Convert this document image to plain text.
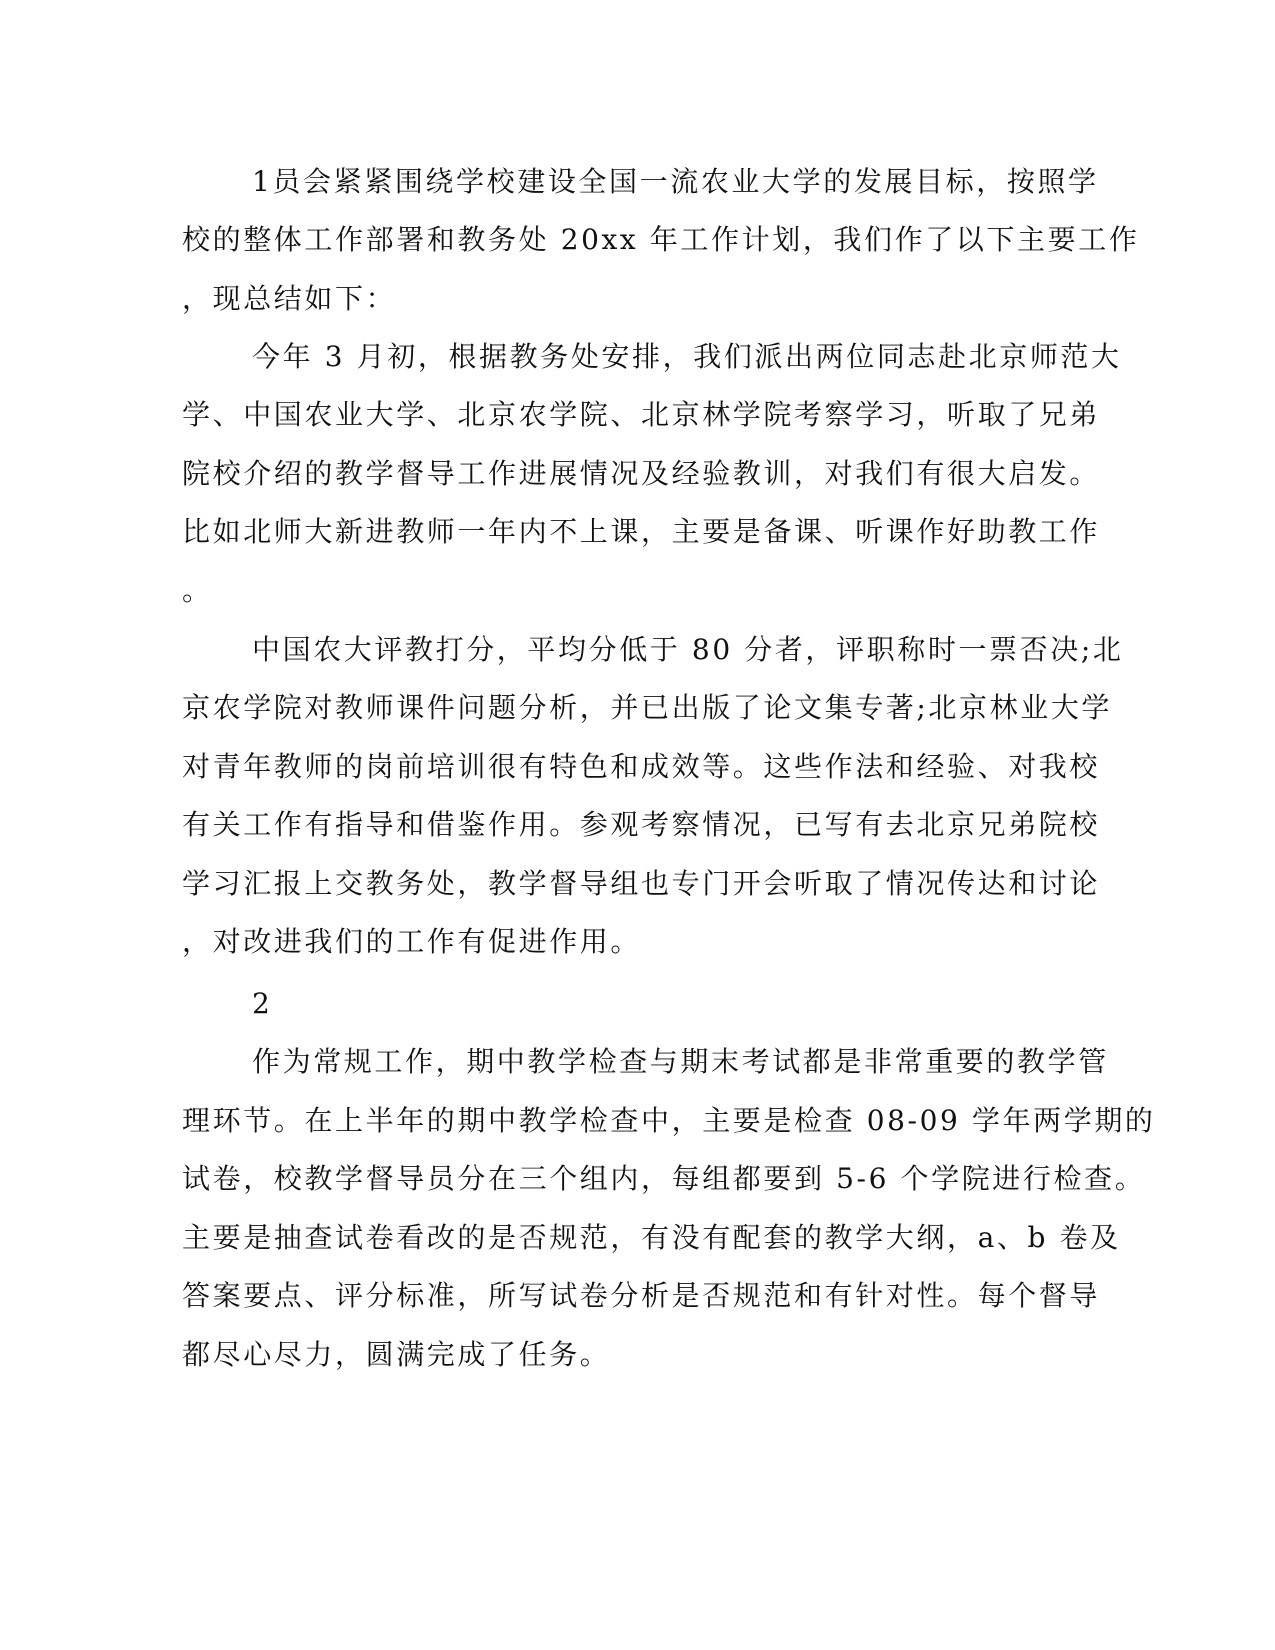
1员会紧紧围绕学校建设全国一流农业大学的发展目标，按照学
校的整体工作部署和教务处 20xx 年工作计划，我们作了以下主要工作
，现总结如下：
今年 3 月初，根据教务处安排，我们派出两位同志赴北京师范大
学、中国农业大学、北京农学院、北京林学院考察学习，听取了兄弟
院校介绍的教学督导工作进展情况及经验教训，对我们有很大启发。
比如北师大新进教师一年内不上课，主要是备课、听课作好助教工作
。
中国农大评教打分，平均分低于 80 分者，评职称时一票否决;北
京农学院对教师课件问题分析，并已出版了论文集专著;北京林业大学
对青年教师的岗前培训很有特色和成效等。这些作法和经验、对我校
有关工作有指导和借鉴作用。参观考察情况，已写有去北京兄弟院校
学习汇报上交教务处，教学督导组也专门开会听取了情况传达和讨论
，对改进我们的工作有促进作用。
2
作为常规工作，期中教学检查与期末考试都是非常重要的教学管
理环节。在上半年的期中教学检查中，主要是检查 08-09 学年两学期的
试卷，校教学督导员分在三个组内，每组都要到 5-6 个学院进行检查。
主要是抽查试卷看改的是否规范，有没有配套的教学大纲，a、b 卷及
答案要点、评分标准，所写试卷分析是否规范和有针对性。每个督导
都尽心尽力，圆满完成了任务。
